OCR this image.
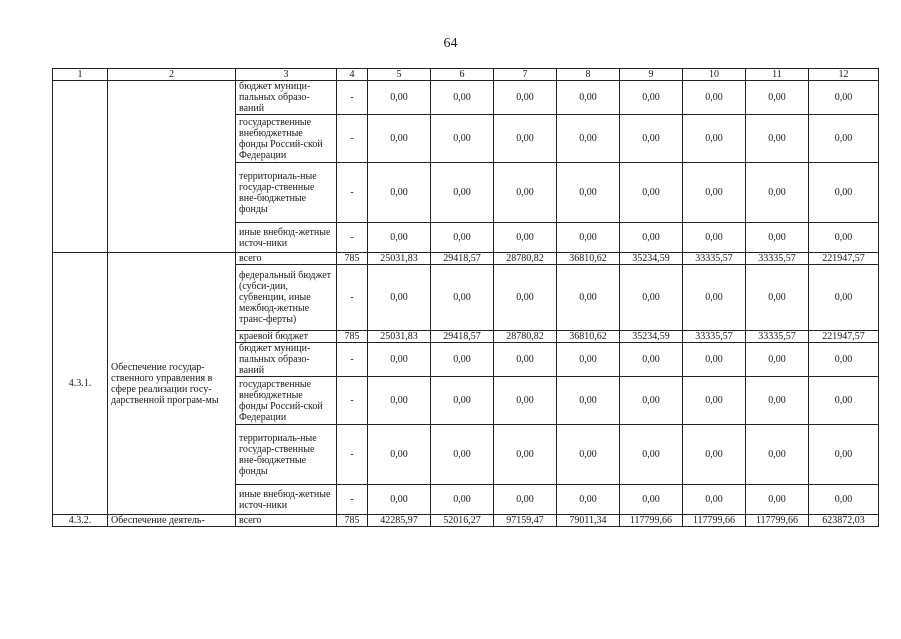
64
1	2	3	4	5	6	7	8	9	10	11	12
		бюджет муници-пальных образо-ваний	-	0,00	0,00	0,00	0,00	0,00	0,00	0,00	0,00
		государственные внебюджетные фонды Россий-ской Федерации	-	0,00	0,00	0,00	0,00	0,00	0,00	0,00	0,00
		территориаль-ные государ-ственные вне-бюджетные фонды	-	0,00	0,00	0,00	0,00	0,00	0,00	0,00	0,00
		иные внебюд-жетные источ-ники	-	0,00	0,00	0,00	0,00	0,00	0,00	0,00	0,00
4.3.1.	Обеспечение государ-ственного управления в сфере реализации госу-дарственной програм-мы	всего	785	25031,83	29418,57	28780,82	36810,62	35234,59	33335,57	33335,57	221947,57
		федеральный бюджет (субси-дии, субвенции, иные межбюд-жетные транс-ферты)	-	0,00	0,00	0,00	0,00	0,00	0,00	0,00	0,00
		краевой бюджет	785	25031,83	29418,57	28780,82	36810,62	35234,59	33335,57	33335,57	221947,57
		бюджет муници-пальных образо-ваний	-	0,00	0,00	0,00	0,00	0,00	0,00	0,00	0,00
		государственные внебюджетные фонды Россий-ской Федерации	-	0,00	0,00	0,00	0,00	0,00	0,00	0,00	0,00
		территориаль-ные государ-ственные вне-бюджетные фонды	-	0,00	0,00	0,00	0,00	0,00	0,00	0,00	0,00
		иные внебюд-жетные источ-ники	-	0,00	0,00	0,00	0,00	0,00	0,00	0,00	0,00
4.3.2.	Обеспечение деятель-	всего	785	42285,97	52016,27	97159,47	79011,34	117799,66	117799,66	117799,66	623872,03
